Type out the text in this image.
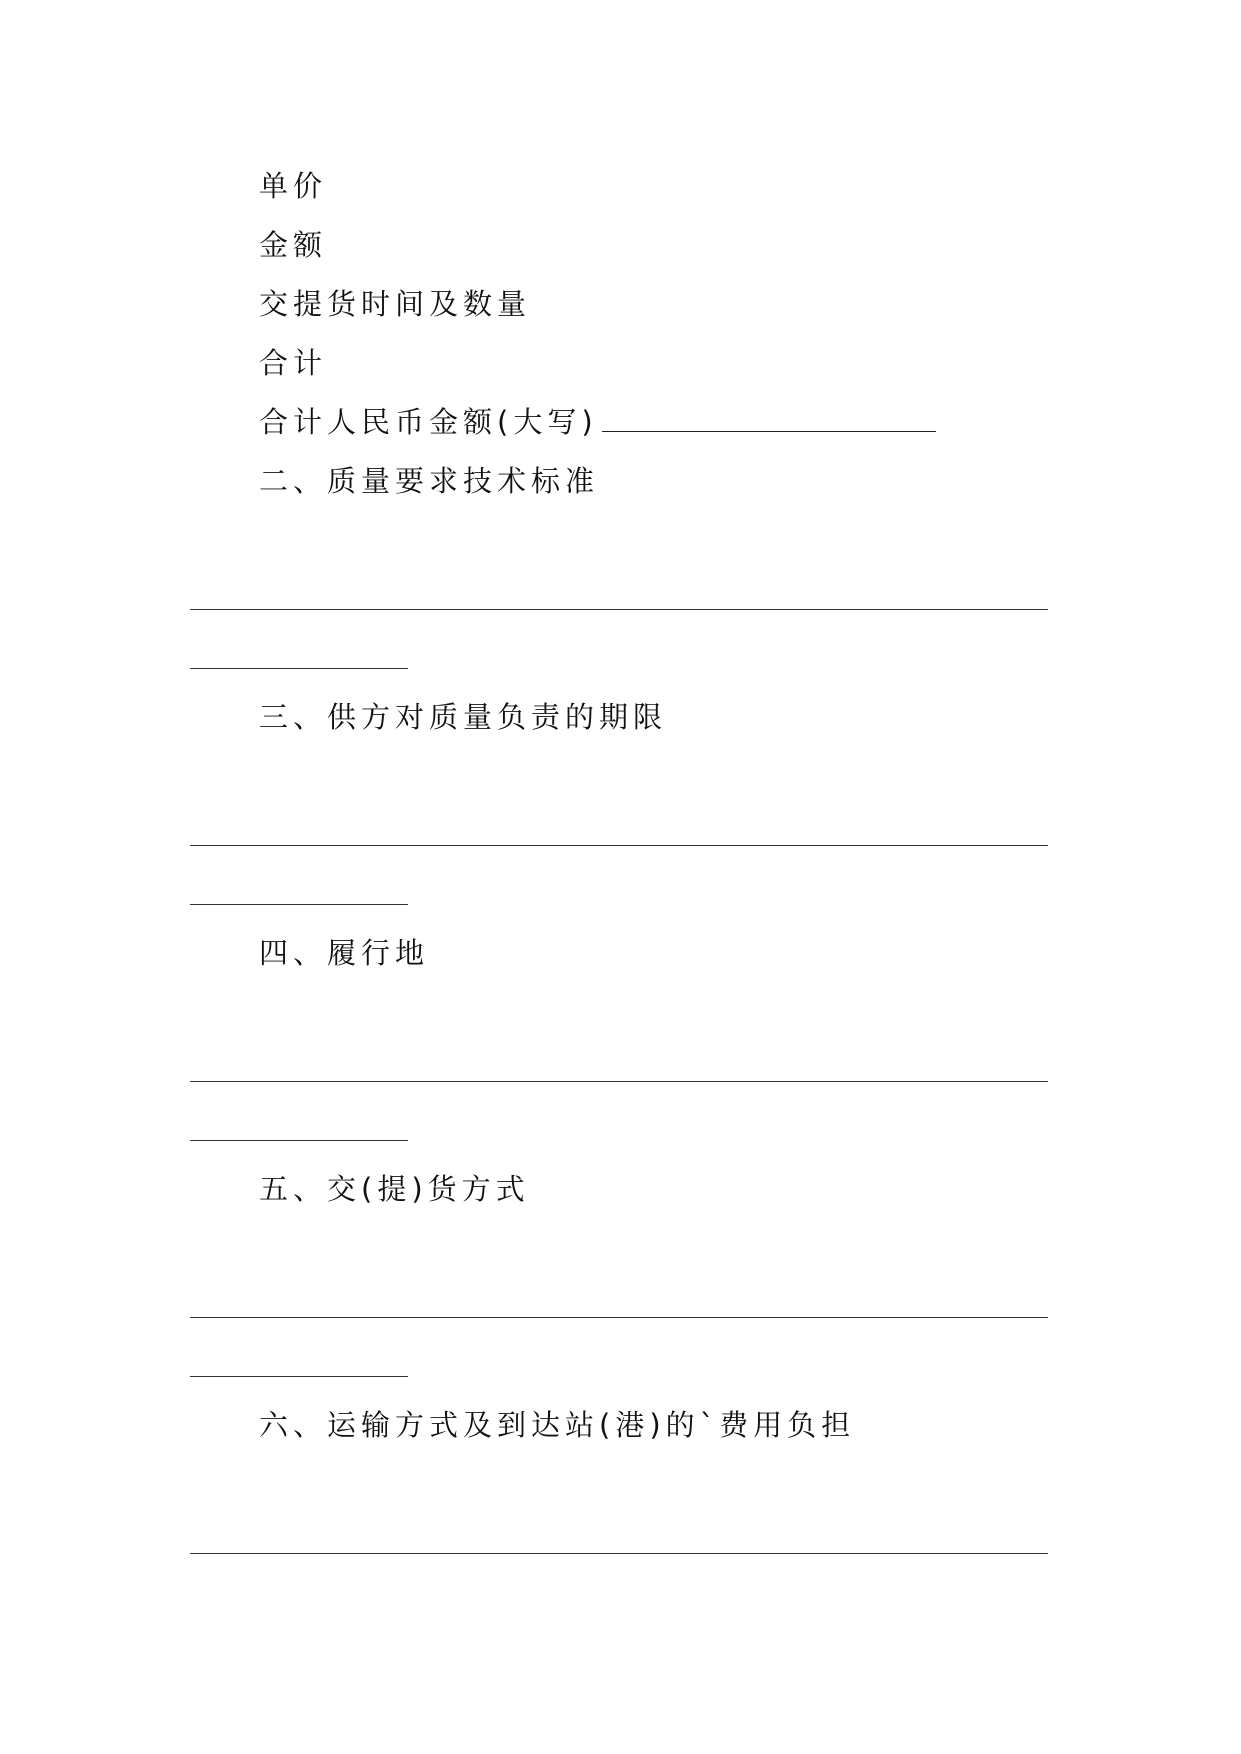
单价
金额
交提货时间及数量
合计
合计人民币金额(大写)
二、质量要求技术标准
三、供方对质量负责的期限
四、履行地
五、交(提)货方式
六、运输方式及到达站(港)的`费用负担
